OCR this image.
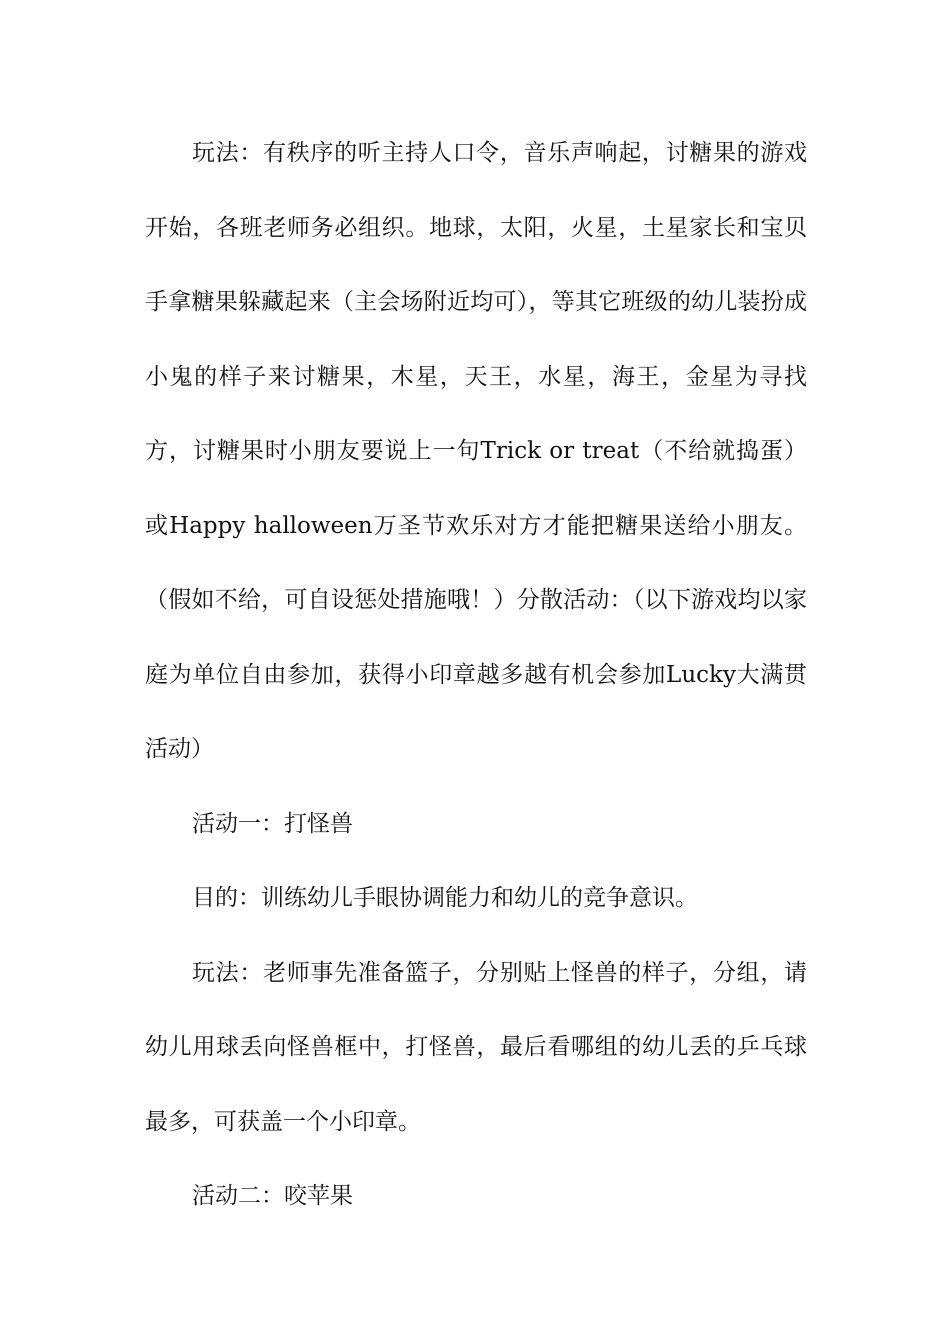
玩法：有秩序的听主持人口令，音乐声响起，讨糖果的游戏开始，各班老师务必组织。地球，太阳，火星，土星家长和宝贝手拿糖果躲藏起来（主会场附近均可），等其它班级的幼儿装扮成小鬼的样子来讨糖果，木星，天王，水星，海王，金星为寻找方，讨糖果时小朋友要说上一句Trick or treat（不给就捣蛋）或Happy halloween万圣节欢乐对方才能把糖果送给小朋友。（假如不给，可自设惩处措施哦！）分散活动：（以下游戏均以家庭为单位自由参加，获得小印章越多越有机会参加Lucky大满贯活动）

活动一：打怪兽

目的：训练幼儿手眼协调能力和幼儿的竞争意识。

玩法：老师事先准备篮子，分别贴上怪兽的样子，分组，请幼儿用球丢向怪兽框中，打怪兽，最后看哪组的幼儿丢的乒乓球最多，可获盖一个小印章。

活动二：咬苹果
